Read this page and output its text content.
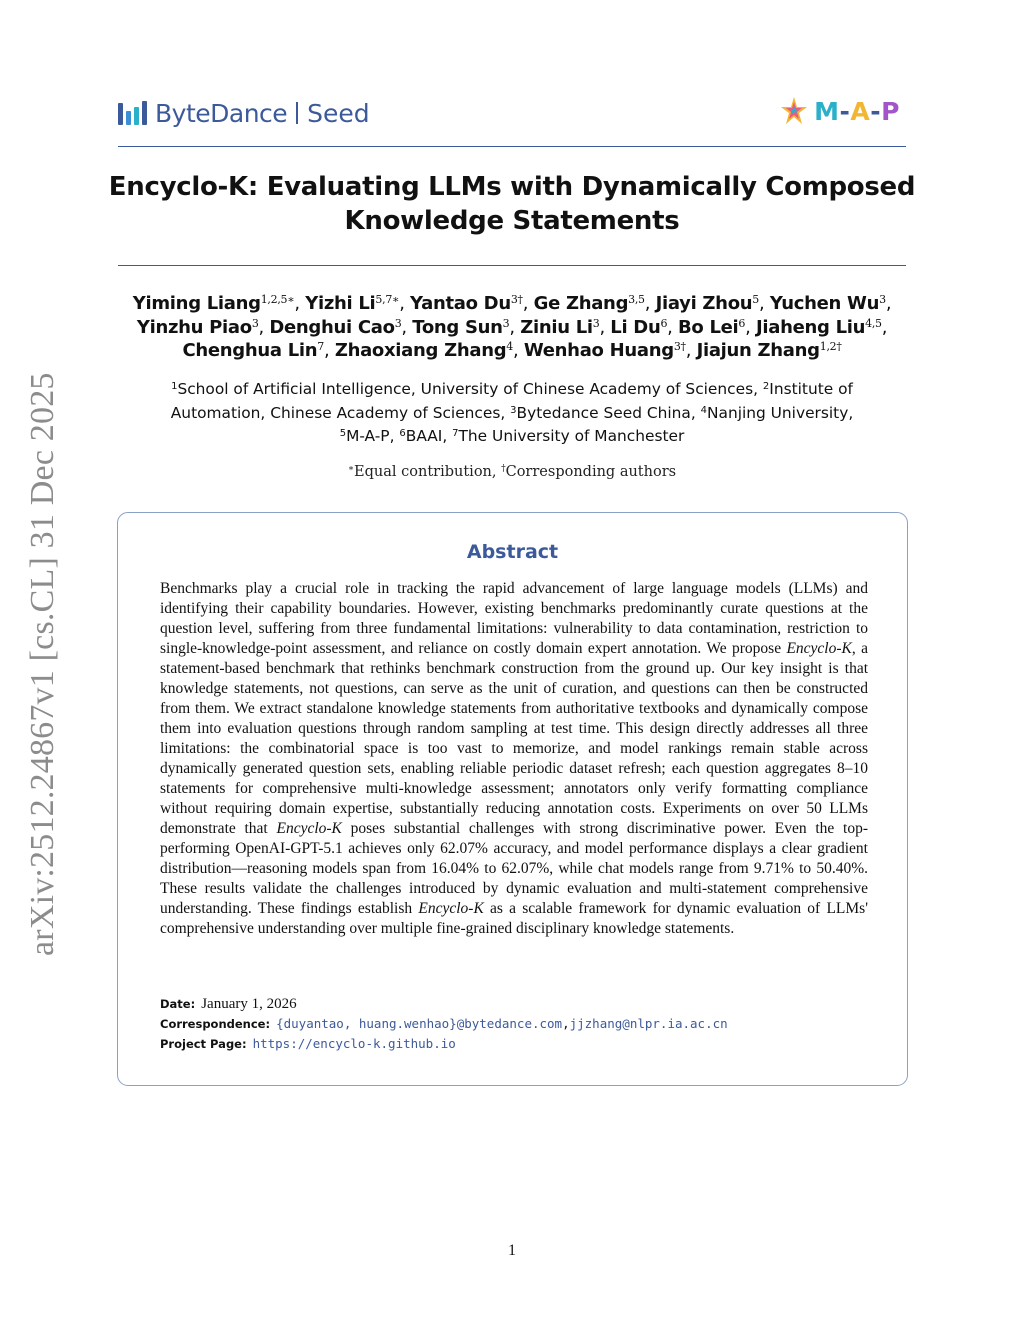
ByteDance Seed	M-A-P
Encyclo-K: Evaluating LLMs with Dynamically Composed
Knowledge Statements
Yiming Liang$^{1,2,5∗}$, Yizhi $Li^{5,7∗}$, Yantao $Du^{3\dagger}$, Ge Zhang$^{3,5}$, Jiayi Zhou$^5$, Yuchen Wu$^3$,
Yinzhu Piao$^3$, Denghui Cao$^3$, Tong Sun$^3$, Ziniu Li$^3$, Li Du$^6$, Bo Lei$^6$, Jiaheng Liu$^{4,5}$,
Chenghua Lin$^7$, Zhaoxiang Zhang$^4$, Wenhao Huang$^{3\dagger}$, Jiajun Zhang$^{1,2\dagger}$
$^1$School of Artificial Intelligence, University of Chinese Academy of Sciences, $^2$Institute of
Automation, Chinese Academy of Sciences, $^3$Bytedance Seed China, $^4$Nanjing University,
$^5$M-A-P, $^6$BAAI, $^7$The University of Manchester
∗Equal contribution, †Corresponding authors
Abstract
Benchmarks play a crucial role in tracking the rapid advancement of large language models (LLMs) and identifying their capability boundaries. However, existing benchmarks predominantly curate questions at the question level, suffering from three fundamental limitations: vulnerability to data contamination, restriction to single-knowledge-point assessment, and reliance on costly domain expert annotation. We propose Encyclo-K, a statement-based benchmark that rethinks benchmark construction from the ground up. Our key insight is that knowledge statements, not questions, can serve as the unit of curation, and questions can then be constructed from them. We extract standalone knowledge statements from authoritative textbooks and dynamically compose them into evaluation questions through random sampling at test time. This design directly addresses all three limitations: the combinatorial space is too vast to memorize, and model rankings remain stable across dynamically generated question sets, enabling reliable periodic dataset refresh; each question aggregates 8–10 statements for comprehensive multi-knowledge assessment; annotators only verify formatting compliance without requiring domain expertise, substantially reducing annotation costs. Experiments on over 50 LLMs demonstrate that Encyclo-K poses substantial challenges with strong discriminative power. Even the top-performing OpenAI-GPT-5.1 achieves only 62.07% accuracy, and model performance displays a clear gradient distribution—reasoning models span from 16.04% to 62.07%, while chat models range from 9.71% to 50.40%. These results validate the challenges introduced by dynamic evaluation and multi-statement comprehensive understanding. These findings establish Encyclo-K as a scalable framework for dynamic evaluation of LLMs' comprehensive understanding over multiple fine-grained disciplinary knowledge statements.
Date: January 1, 2026
Correspondence: {duyantao, huang.wenhao}@bytedance.com , jjzhang@nlpr.ia.ac.cn
Project Page: https://encyclo-k.github.io
arXiv:2512.24867v1 [cs.CL] 31 Dec 2025
1
